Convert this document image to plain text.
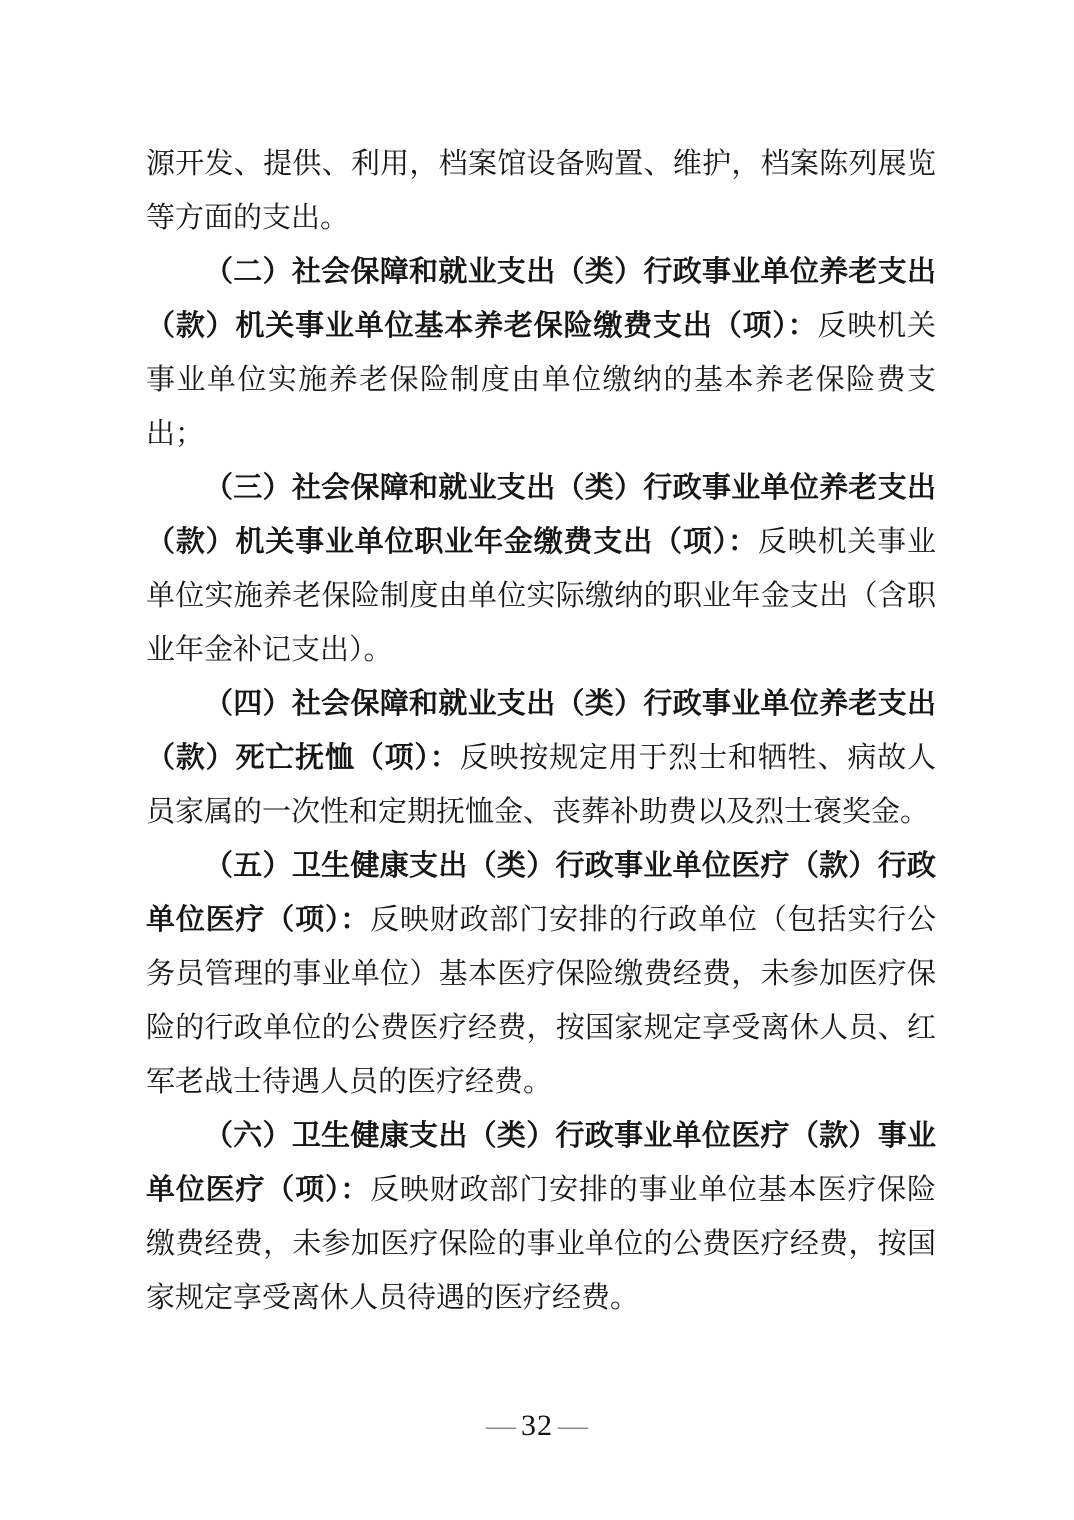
源开发、提供、利用，档案馆设备购置、维护，档案陈列展览等方面的支出。

（二）社会保障和就业支出（类）行政事业单位养老支出（款）机关事业单位基本养老保险缴费支出（项）：反映机关事业单位实施养老保险制度由单位缴纳的基本养老保险费支出；

（三）社会保障和就业支出（类）行政事业单位养老支出（款）机关事业单位职业年金缴费支出（项）：反映机关事业单位实施养老保险制度由单位实际缴纳的职业年金支出（含职业年金补记支出）。

（四）社会保障和就业支出（类）行政事业单位养老支出（款）死亡抚恤（项）：反映按规定用于烈士和牺牲、病故人员家属的一次性和定期抚恤金、丧葬补助费以及烈士褒奖金。

（五）卫生健康支出（类）行政事业单位医疗（款）行政单位医疗（项）：反映财政部门安排的行政单位（包括实行公务员管理的事业单位）基本医疗保险缴费经费，未参加医疗保险的行政单位的公费医疗经费，按国家规定享受离休人员、红军老战士待遇人员的医疗经费。

（六）卫生健康支出（类）行政事业单位医疗（款）事业单位医疗（项）：反映财政部门安排的事业单位基本医疗保险缴费经费，未参加医疗保险的事业单位的公费医疗经费，按国家规定享受离休人员待遇的医疗经费。

— 32 —
